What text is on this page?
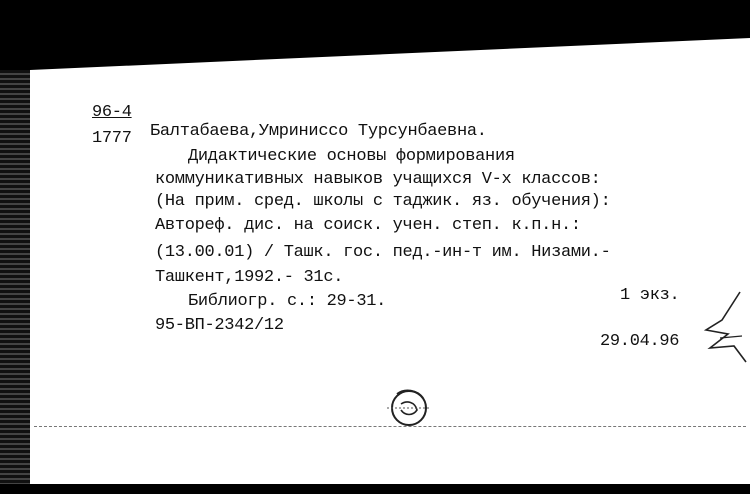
96-4
1777 Балтабаева,Умриниссо Турсунбаевна.
Дидактические основы формирования
коммуникативных навыков учащихся V-х классов:
(На прим. сред. школы с таджик. яз. обучения):
Автореф. дис. на соиск. учен. степ. к.п.н.:
(13.00.01) / Ташк. гос. пед.-ин-т им. Низами.-
Ташкент,1992.- 31с.
Библиогр. с.: 29-31.	1 экз.
95-ВП-2342/12
29.04.96
